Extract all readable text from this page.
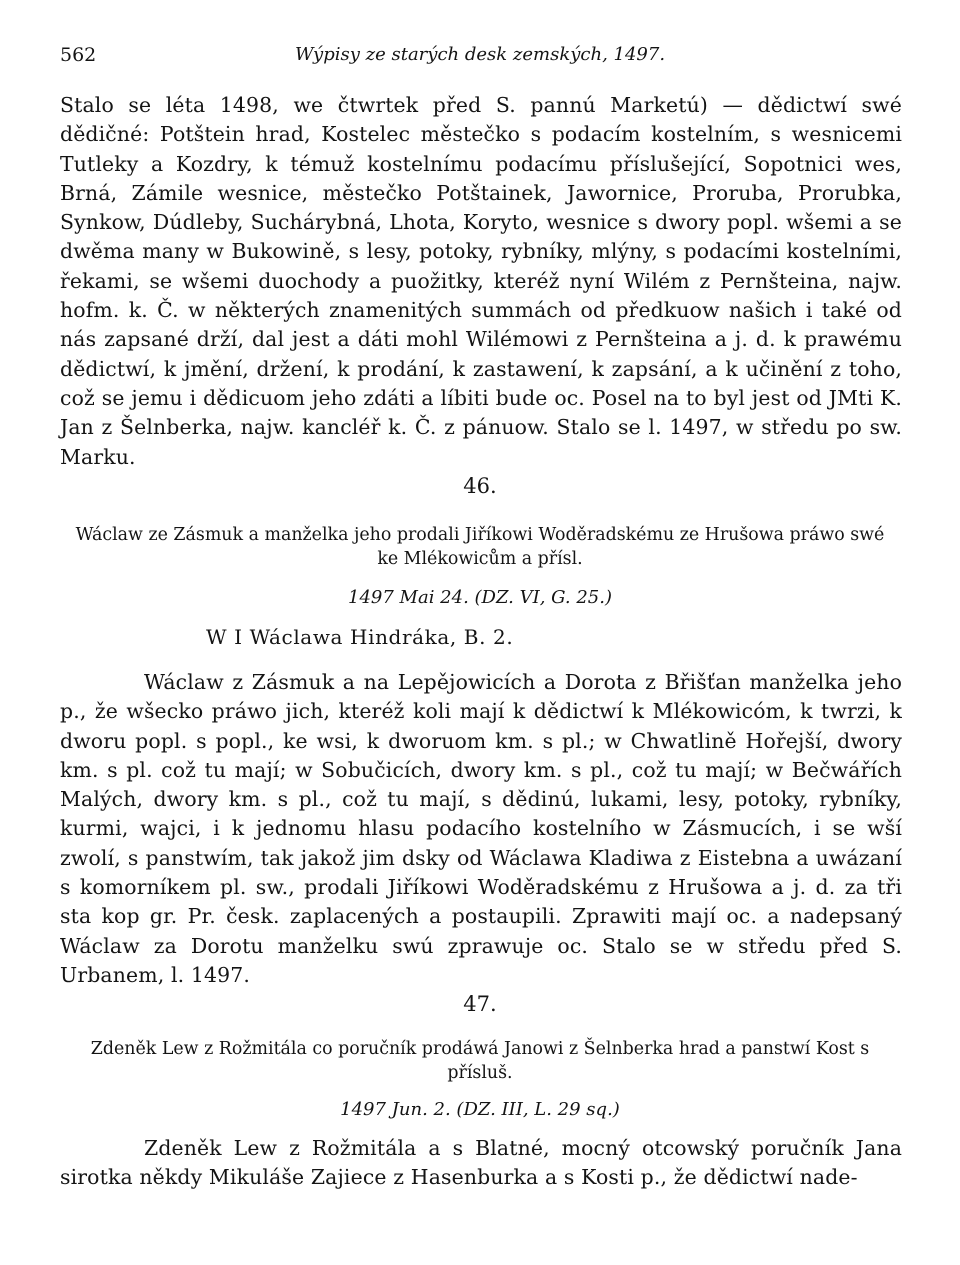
562	Wýpisy ze starých desk zemských, 1497.

Stalo se léta 1498, we čtwrtek před S. pannú Marketú) — dědictwí swé dědičné: Potštein hrad, Kostelec městečko s podacím kostelním, s wesnicemi Tutleky a Kozdry, k témuž kostelnímu podacímu příslušející, Sopotnici wes, Brná, Zámile wesnice, městečko Potštainek, Jawornice, Proruba, Prorubka, Synkow, Dúdleby, Suchárybná, Lhota, Koryto, wesnice s dwory popl. wšemi a se dwěma many w Bukowině, s lesy, potoky, rybníky, mlýny, s podacími kostelními, řekami, se wšemi duochody a puožitky, kteréž nyní Wilém z Pernšteina, najw. hofm. k. Č. w některých znamenitých summách od předkuow našich i také od nás zapsané drží, dal jest a dáti mohl Wilémowi z Pernšteina a j. d. k prawému dědictwí, k jmění, držení, k prodání, k zastawení, k zapsání, a k učinění z toho, což se jemu i dědicuom jeho zdáti a líbiti bude oc. Posel na to byl jest od JMti K. Jan z Šelnberka, najw. kancléř k. Č. z pánuow. Stalo se l. 1497, w středu po sw. Marku.

46.

Wáclaw ze Zásmuk a manželka jeho prodali Jiříkowi Woděradskému ze Hrušowa práwo swé ke Mlékowicům a přísl.

1497 Mai 24. (DZ. VI, G. 25.)

W I Wáclawa Hindráka, B. 2.

Wáclaw z Zásmuk a na Lepějowicích a Dorota z Břišťan manželka jeho p., že wšecko práwo jich, kteréž koli mají k dědictwí k Mlékowicóm, k twrzi, k dworu popl. s popl., ke wsi, k dworuom km. s pl.; w Chwatlině Hořejší, dwory km. s pl. což tu mají; w Sobučicích, dwory km. s pl., což tu mají; w Bečwářích Malých, dwory km. s pl., což tu mají, s dědinú, lukami, lesy, potoky, rybníky, kurmi, wajci, i k jednomu hlasu podacího kostelního w Zásmucích, i se wší zwolí, s panstwím, tak jakož jim dsky od Wáclawa Kladiwa z Eistebna a uwázaní s komorníkem pl. sw., prodali Jiříkowi Woděradskému z Hrušowa a j. d. za tři sta kop gr. Pr. česk. zaplacených a postaupili. Zprawiti mají oc. a nadepsaný Wáclaw za Dorotu manželku swú zprawuje oc. Stalo se w středu před S. Urbanem, l. 1497.

47.

Zdeněk Lew z Rožmitála co poručník prodáwá Janowi z Šelnberka hrad a panstwí Kost s přísluš.

1497 Jun. 2. (DZ. III, L. 29 sq.)

Zdeněk Lew z Rožmitála a s Blatné, mocný otcowský poručník Jana sirotka někdy Mikuláše Zajiece z Hasenburka a s Kosti p., že dědictwí nade-
